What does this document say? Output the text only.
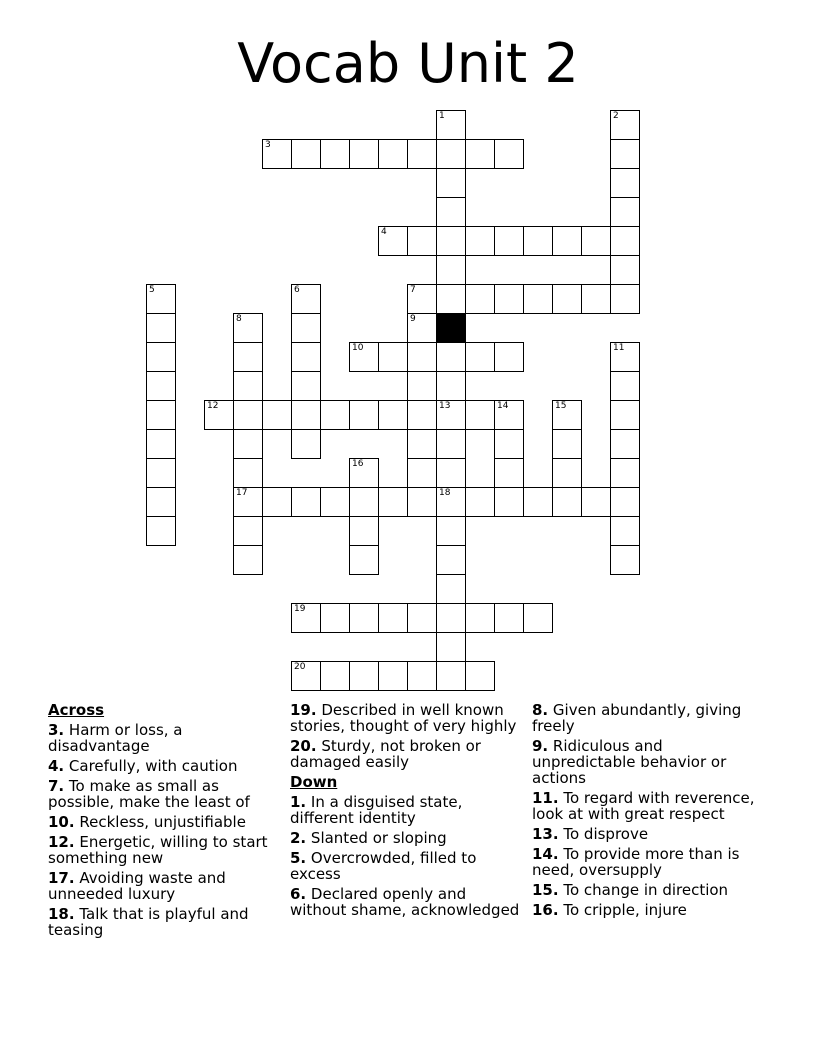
Vocab Unit 2
1
13
18
2
3
4
5	6	7
8
17
9
10	11
12	14	15
16
19
20
Across
3. Harm or loss, a disadvantage
4. Carefully, with caution
7. To make as small as possible, make the least of
10. Reckless, unjustifiable
12. Energetic, willing to start something new
17. Avoiding waste and unneeded luxury
18. Talk that is playful and teasing
19. Described in well known stories, thought of very highly
20. Sturdy, not broken or damaged easily
Down
1. In a disguised state, different identity
2. Slanted or sloping
5. Overcrowded, filled to excess
6. Declared openly and without shame, acknowledged
8. Given abundantly, giving freely
9. Ridiculous and unpredictable behavior or actions
11. To regard with reverence, look at with great respect
13. To disprove
14. To provide more than is need, oversupply
15. To change in direction
16. To cripple, injure
